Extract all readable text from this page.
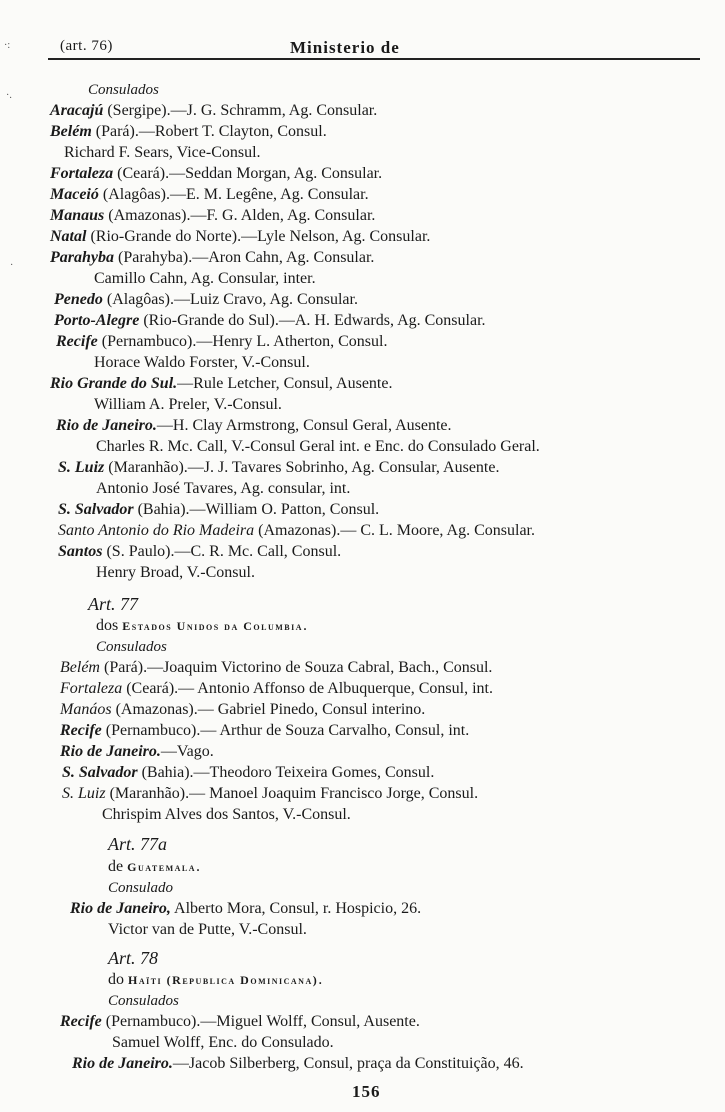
(art. 76)	Ministerio de
Consulados
Aracajú (Sergipe).—J. G. Schramm, Ag. Consular.
Belém (Pará).—Robert T. Clayton, Consul.
Richard F. Sears, Vice-Consul.
Fortaleza (Ceará).—Seddan Morgan, Ag. Consular.
Maceió (Alagôas).—E. M. Legêne, Ag. Consular.
Manaus (Amazonas).—F. G. Alden, Ag. Consular.
Natal (Rio-Grande do Norte).—Lyle Nelson, Ag. Consular.
Parahyba (Parahyba).—Aron Cahn, Ag. Consular.
Camillo Cahn, Ag. Consular, inter.
Penedo (Alagôas).—Luiz Cravo, Ag. Consular.
Porto-Alegre (Rio-Grande do Sul).—A. H. Edwards, Ag. Consular.
Recife (Pernambuco).—Henry L. Atherton, Consul.
Horace Waldo Forster, V.-Consul.
Rio Grande do Sul.—Rule Letcher, Consul, Ausente.
William A. Preler, V.-Consul.
Rio de Janeiro.—H. Clay Armstrong, Consul Geral, Ausente.
Charles R. Mc. Call, V.-Consul Geral int. e Enc. do Consulado Geral.
S. Luiz (Maranhão).—J. J. Tavares Sobrinho, Ag. Consular, Ausente.
Antonio José Tavares, Ag. consular, int.
S. Salvador (Bahia).—William O. Patton, Consul.
Santo Antonio do Rio Madeira (Amazonas).— C. L. Moore, Ag. Consular.
Santos (S. Paulo).—C. R. Mc. Call, Consul.
Henry Broad, V.-Consul.
Art. 77
dos Estados Unidos da Columbia.
Consulados
Belém (Pará).—Joaquim Victorino de Souza Cabral, Bach., Consul.
Fortaleza (Ceará).— Antonio Affonso de Albuquerque, Consul, int.
Manáos (Amazonas).— Gabriel Pinedo, Consul interino.
Recife (Pernambuco).— Arthur de Souza Carvalho, Consul, int.
Rio de Janeiro.—Vago.
S. Salvador (Bahia).—Theodoro Teixeira Gomes, Consul.
S. Luiz (Maranhão).— Manoel Joaquim Francisco Jorge, Consul.
Chrispim Alves dos Santos, V.-Consul.
Art. 77a
de Guatemala.
Consulado
Rio de Janeiro, Alberto Mora, Consul, r. Hospicio, 26.
Victor van de Putte, V.-Consul.
Art. 78
do Haïti (Republica Dominicana).
Consulados
Recife (Pernambuco).—Miguel Wolff, Consul, Ausente.
Samuel Wolff, Enc. do Consulado.
Rio de Janeiro.—Jacob Silberberg, Consul, praça da Constituição, 46.
156
·:
·.
·
